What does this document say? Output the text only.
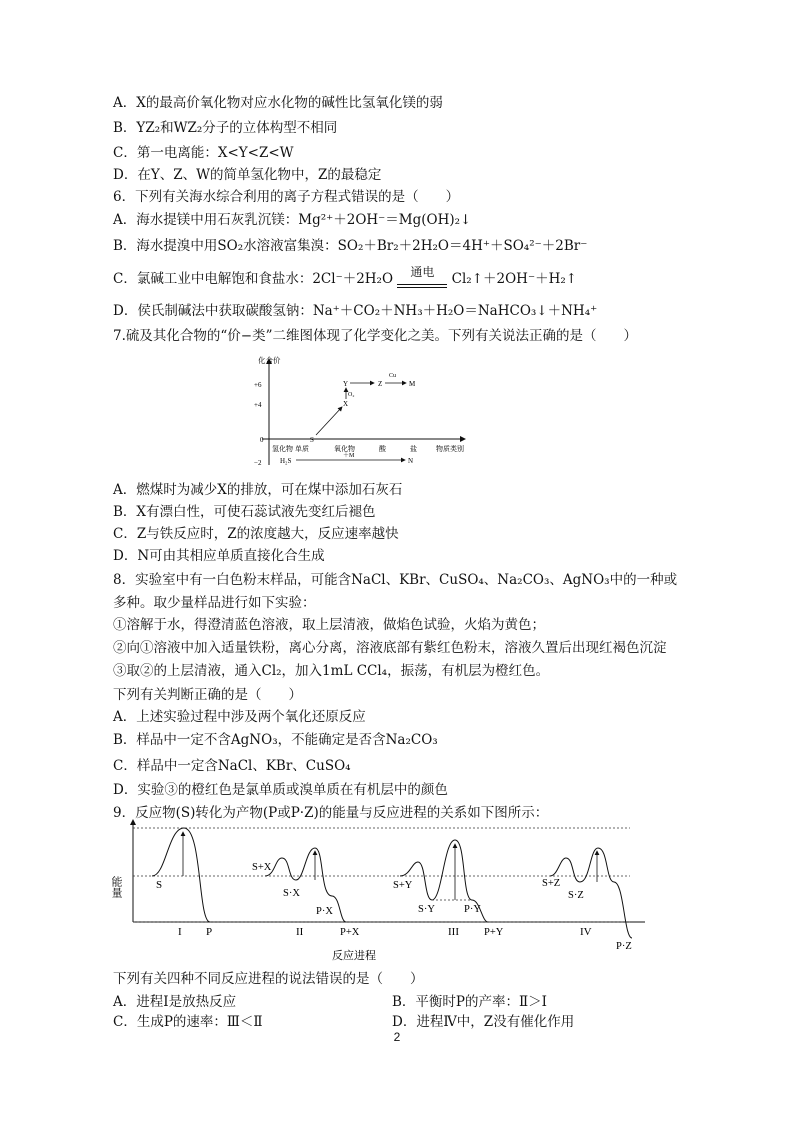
A．X的最高价氧化物对应水化物的碱性比氢氧化镁的弱
B．YZ₂和WZ₂分子的立体构型不相同
C．第一电离能：X<Y<Z<W
D．在Y、Z、W的简单氢化物中，Z的最稳定
6．下列有关海水综合利用的离子方程式错误的是（　　）
A．海水提镁中用石灰乳沉镁：Mg²⁺＋2OH⁻＝Mg(OH)₂↓
B．海水提溴中用SO₂水溶液富集溴：SO₂＋Br₂＋2H₂O＝4H⁺＋SO₄²⁻＋2Br⁻
C．氯碱工业中电解饱和食盐水：2Cl⁻＋2H₂O	通电	Cl₂↑＋2OH⁻＋H₂↑
D．侯氏制碱法中获取碳酸氢钠：Na⁺＋CO₂＋NH₃＋H₂O＝NaHCO₃↓＋NH₄⁺
7.硫及其化合物的“价−类”二维图体现了化学变化之美。下列有关说法正确的是（　　）
化合价
+6
+4
0
−2
氢化物 单质	氧化物	酸	盐	物质类别
Y	Z	M
X
S
H₂S	N
Cu
O₂
＋M
A．燃煤时为减少X的排放，可在煤中添加石灰石
B．X有漂白性，可使石蕊试液先变红后褪色
C．Z与铁反应时，Z的浓度越大，反应速率越快
D．N可由其相应单质直接化合生成
8．实验室中有一白色粉末样品，可能含NaCl、KBr、CuSO₄、Na₂CO₃、AgNO₃中的一种或
多种。取少量样品进行如下实验：
①溶解于水，得澄清蓝色溶液，取上层清液，做焰色试验，火焰为黄色；
②向①溶液中加入适量铁粉，离心分离，溶液底部有紫红色粉末，溶液久置后出现红褐色沉淀
③取②的上层清液，通入Cl₂，加入1mL CCl₄，振荡，有机层为橙红色。
下列有关判断正确的是（　　）
A．上述实验过程中涉及两个氧化还原反应
B．样品中一定不含AgNO₃，不能确定是否含Na₂CO₃
C．样品中一定含NaCl、KBr、CuSO₄
D．实验③的橙红色是氯单质或溴单质在有机层中的颜色
9．反应物(S)转化为产物(P或P·Z)的能量与反应进程的关系如下图所示：
能量	S
P
I
S+X
S·X
P·X
P+X
II
S+Y
S·Y	P·Y
P+Y
III
S+Z
S·Z
P·Z
IV
反应进程
下列有关四种不同反应进程的说法错误的是（　　）
A．进程Ⅰ是放热反应	B．平衡时P的产率：Ⅱ＞Ⅰ
C．生成P的速率：Ⅲ＜Ⅱ	D．进程Ⅳ中，Z没有催化作用
2
